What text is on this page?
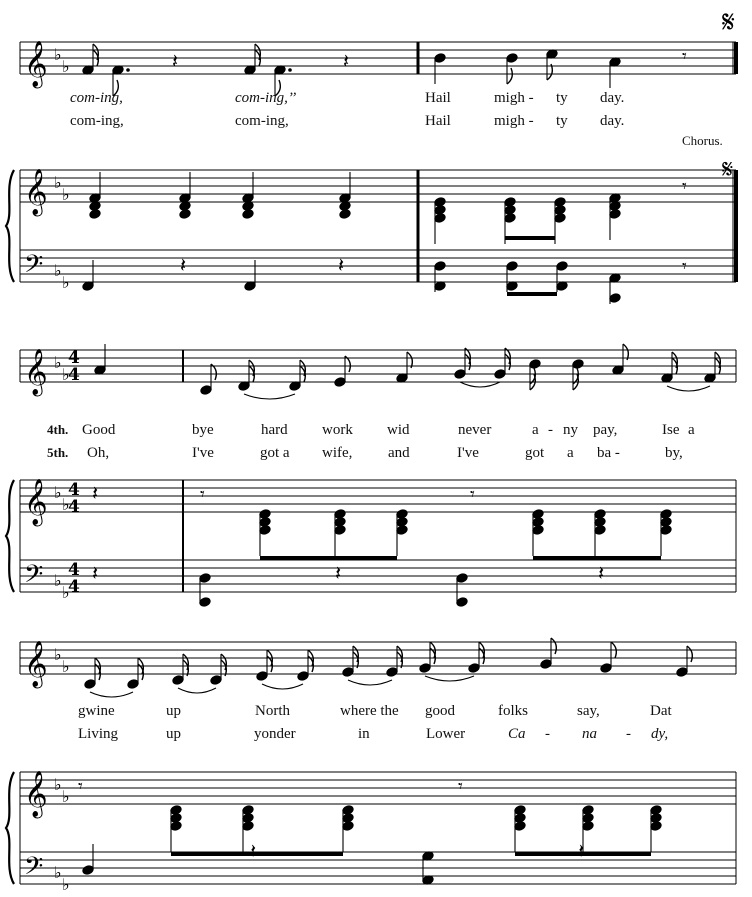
𝄞 ♭
♭
𝄞 ♭
♭
𝄢 ♭
♭
𝄽	𝄽	𝄾
𝄾
𝄽	𝄽	𝄾
𝄞 ♭
♭
𝄞 ♭
♭
𝄢 ♭
♭
𝄽	𝄾	𝄾
𝄽	𝄽	𝄽
𝄞 ♭
♭
𝄞 ♭
♭
𝄢 ♭
♭
𝄾	𝄾
𝄽	𝄽
com-ing,	com-ing,’’	Hail	migh - ty day.
com-ing,	com-ing,	Hail	migh - ty day.
Chorus.
4th. Good	bye	hard work wid	never	a - ny pay,	Ise a
5th. Oh,	I've	got a wife, and	I've	got a ba -	by,
gwine	up	North	where the good	folks	say,	Dat
Living	up	yonder	in	Lower	Ca - na - dy,
𝄋
𝄋
4
4
4
4
4
4
